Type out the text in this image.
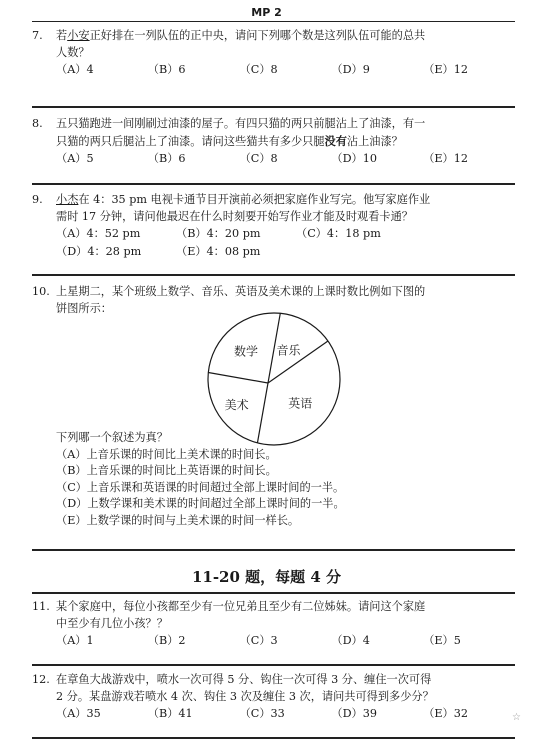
MP 2
7.	若小安正好排在一列队伍的正中央，请问下列哪个数是这列队伍可能的总共
人数？
（A）4	（B）6	（C）8	（D）9	（E）12
8.	五只猫跑进一间刚刷过油漆的屋子。有四只猫的两只前腿沾上了油漆，有一
只猫的两只后腿沾上了油漆。请问这些猫共有多少只腿没有沾上油漆？
（A）5	（B）6	（C）8	（D）10	（E）12
9.	小杰在 4：35 pm 电视卡通节目开演前必须把家庭作业写完。他写家庭作业
需时 17 分钟，请问他最迟在什么时刻要开始写作业才能及时观看卡通？
（A）4：52 pm	（B）4：20 pm	（C）4：18 pm
（D）4：28 pm	（E）4：08 pm
10. 上星期二，某个班级上数学、音乐、英语及美术课的上课时数比例如下图的
饼图所示：
音乐
英语
美术
数学
下列哪一个叙述为真？
（A）上音乐课的时间比上美术课的时间长。
（B）上音乐课的时间比上英语课的时间长。
（C）上音乐课和英语课的时间超过全部上课时间的一半。
（D）上数学课和美术课的时间超过全部上课时间的一半。
（E）上数学课的时间与上美术课的时间一样长。
11-20 题，每题 4 分
11. 某个家庭中，每位小孩都至少有一位兄弟且至少有二位姊妹。请问这个家庭
中至少有几位小孩？？
（A）1	（B）2	（C）3	（D）4	（E）5
12. 在章鱼大战游戏中，喷水一次可得 5 分、钩住一次可得 3 分、缠住一次可得
2 分。某盘游戏若喷水 4 次、钩住 3 次及缠住 3 次，请问共可得到多少分？
（A）35	（B）41	（C）33	（D）39	（E）32	☆
